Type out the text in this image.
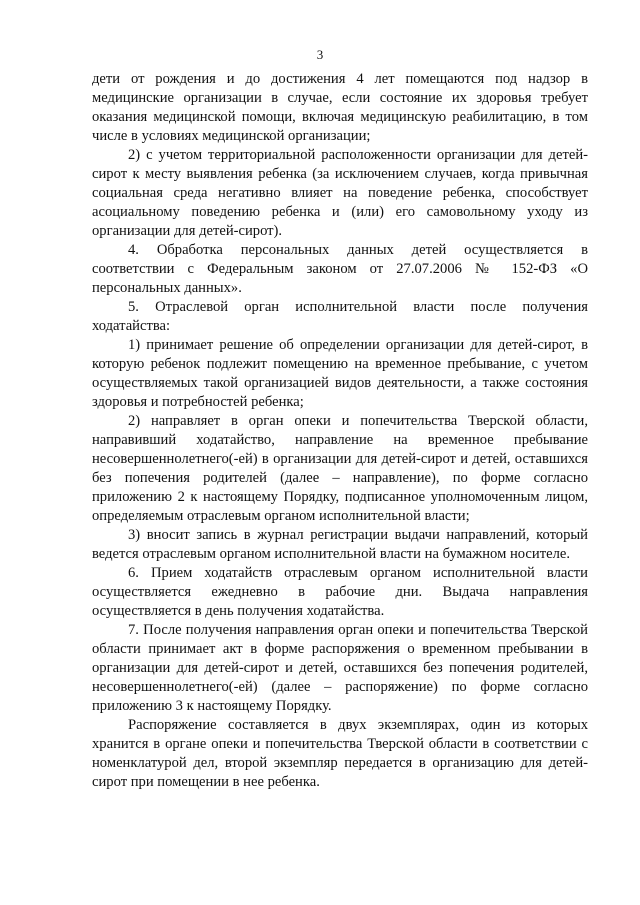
3

дети от рождения и до достижения 4 лет помещаются под надзор в медицинские организации в случае, если состояние их здоровья требует оказания медицинской помощи, включая медицинскую реабилитацию, в том числе в условиях медицинской организации;

2) с учетом территориальной расположенности организации для детей-сирот к месту выявления ребенка (за исключением случаев, когда привычная социальная среда негативно влияет на поведение ребенка, способствует асоциальному поведению ребенка и (или) его самовольному уходу из организации для детей-сирот).

4. Обработка персональных данных детей осуществляется в соответствии с Федеральным законом от 27.07.2006 № 152-ФЗ «О персональных данных».

5. Отраслевой орган исполнительной власти после получения ходатайства:

1) принимает решение об определении организации для детей-сирот, в которую ребенок подлежит помещению на временное пребывание, с учетом осуществляемых такой организацией видов деятельности, а также состояния здоровья и потребностей ребенка;

2) направляет в орган опеки и попечительства Тверской области, направивший ходатайство, направление на временное пребывание несовершеннолетнего(-ей) в организации для детей-сирот и детей, оставшихся без попечения родителей (далее – направление), по форме согласно приложению 2 к настоящему Порядку, подписанное уполномоченным лицом, определяемым отраслевым органом исполнительной власти;

3) вносит запись в журнал регистрации выдачи направлений, который ведется отраслевым органом исполнительной власти на бумажном носителе.

6. Прием ходатайств отраслевым органом исполнительной власти осуществляется ежедневно в рабочие дни. Выдача направления осуществляется в день получения ходатайства.

7. После получения направления орган опеки и попечительства Тверской области принимает акт в форме распоряжения о временном пребывании в организации для детей-сирот и детей, оставшихся без попечения родителей, несовершеннолетнего(-ей) (далее – распоряжение) по форме согласно приложению 3 к настоящему Порядку.

Распоряжение составляется в двух экземплярах, один из которых хранится в органе опеки и попечительства Тверской области в соответствии с номенклатурой дел, второй экземпляр передается в организацию для детей-сирот при помещении в нее ребенка.
